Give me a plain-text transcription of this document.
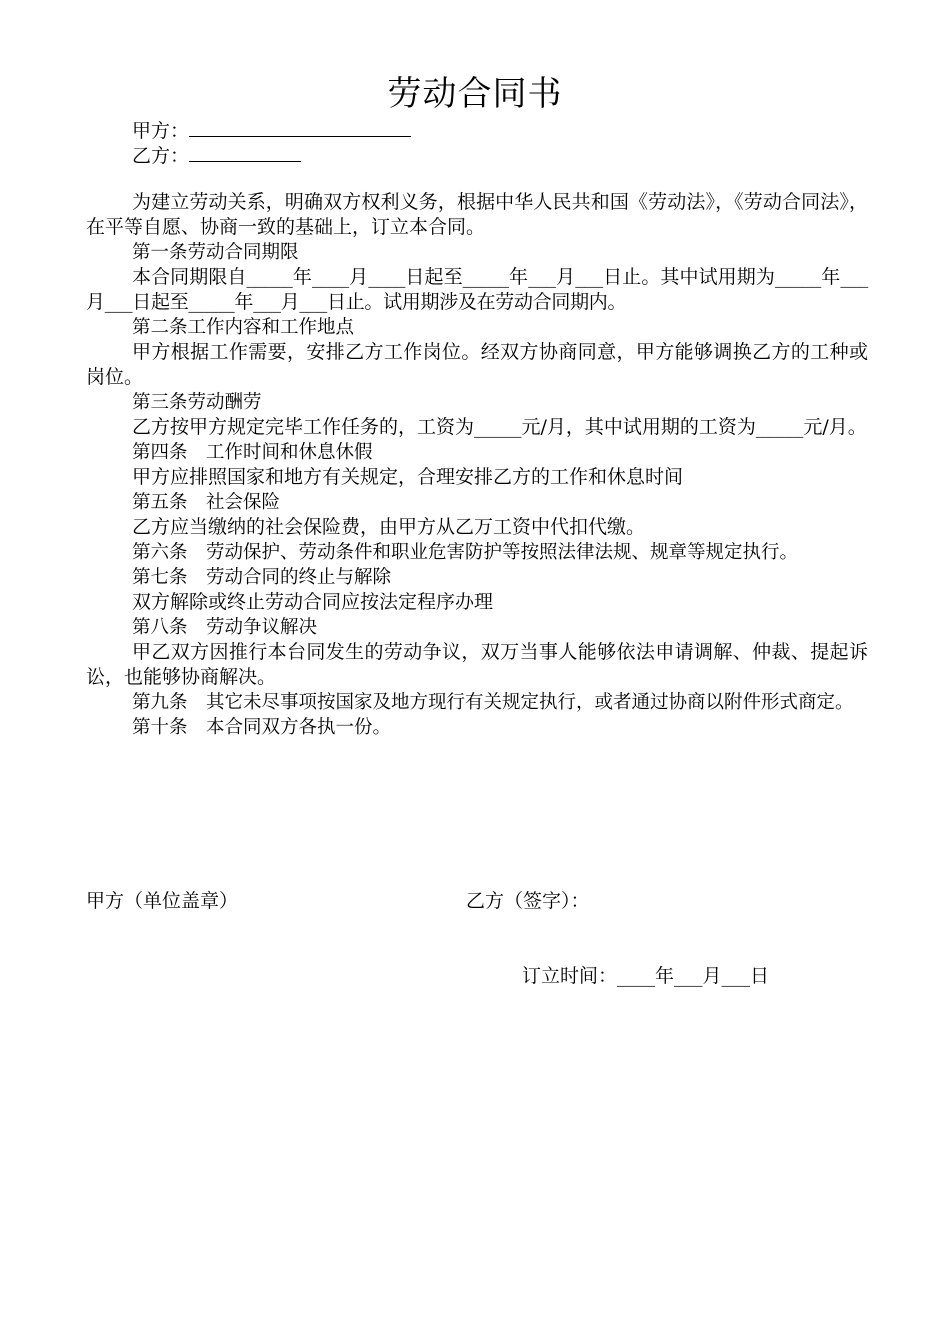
劳动合同书
甲方：
乙方：

为建立劳动关系，明确双方权利义务，根据中华人民共和国《劳动法》，《劳动合同法》，在平等自愿、协商一致的基础上，订立本合同。

第一条劳动合同期限

本合同期限自_____年____月____日起至_____年___月___日止。其中试用期为_____年___月___日起至_____年___月___日止。试用期涉及在劳动合同期内。

第二条工作内容和工作地点

甲方根据工作需要，安排乙方工作岗位。经双方协商同意，甲方能够调换乙方的工种或岗位。

第三条劳动酬劳

乙方按甲方规定完毕工作任务的，工资为_____元/月，其中试用期的工资为_____元/月。

第四条　工作时间和休息休假

甲方应排照国家和地方有关规定，合理安排乙方的工作和休息时间

第五条　社会保险

乙方应当缴纳的社会保险费，由甲方从乙万工资中代扣代缴。

第六条　劳动保护、劳动条件和职业危害防护等按照法律法规、规章等规定执行。

第七条　劳动合同的终止与解除

双方解除或终止劳动合同应按法定程序办理

第八条　劳动争议解决

甲乙双方因推行本台同发生的劳动争议，双万当事人能够依法申请调解、仲裁、提起诉讼，也能够协商解决。

第九条　其它未尽事项按国家及地方现行有关规定执行，或者通过协商以附件形式商定。

第十条　本合同双方各执一份。

甲方（单位盖章）	乙方（签字）：
订立时间：____年___月___日
